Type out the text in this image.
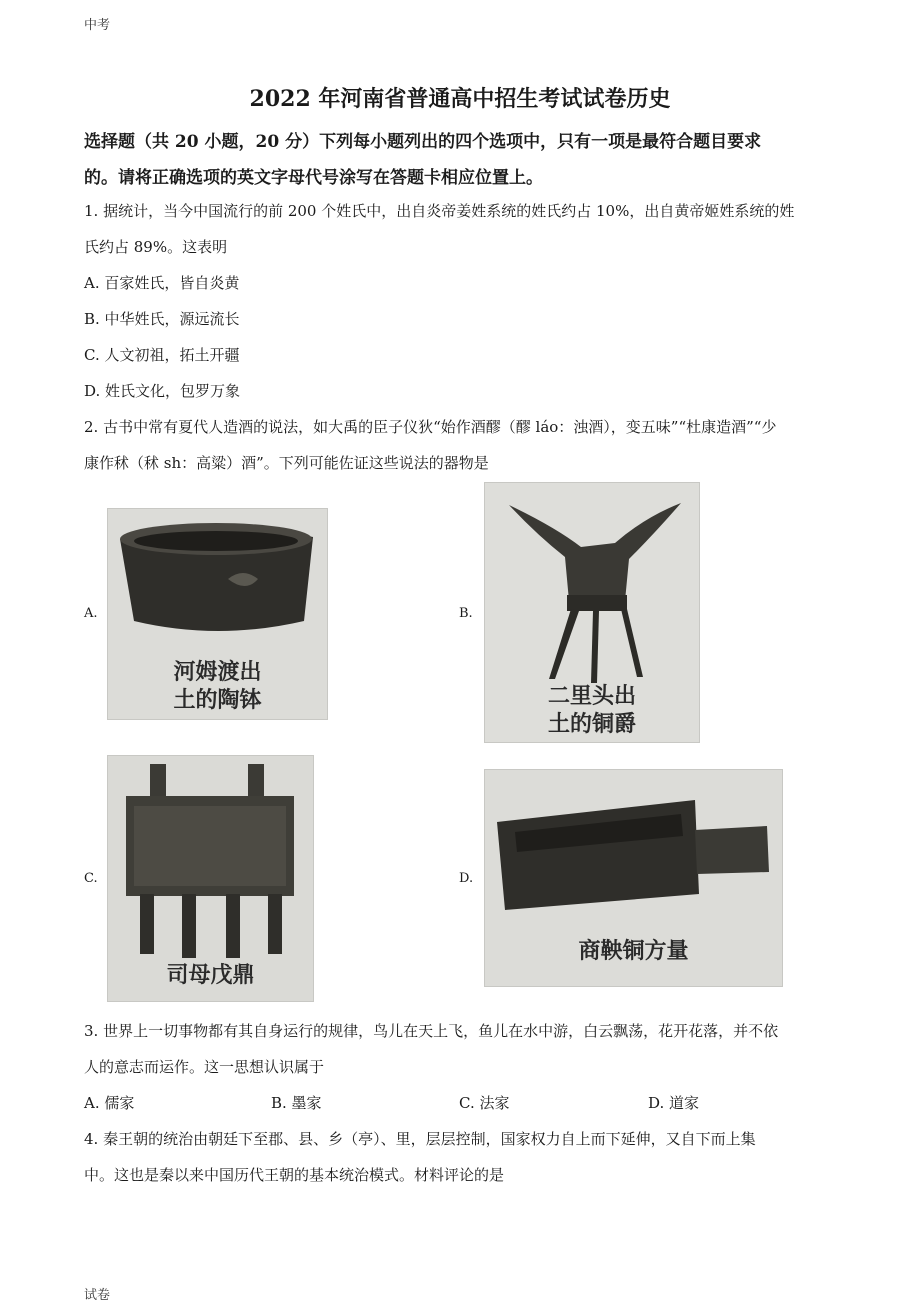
中考
2022 年河南省普通高中招生考试试卷历史
选择题（共 20 小题，20 分）下列每小题列出的四个选项中，只有一项是最符合题目要求
的。请将正确选项的英文字母代号涂写在答题卡相应位置上。
1. 据统计，当今中国流行的前 200 个姓氏中，出自炎帝姜姓系统的姓氏约占 10%，出自黄帝姬姓系统的姓
氏约占 89%。这表明
A. 百家姓氏，皆自炎黄
B. 中华姓氏，源远流长
C. 人文初祖，拓土开疆
D. 姓氏文化，包罗万象
2. 古书中常有夏代人造酒的说法，如大禹的臣子仪狄“始作酒醪（醪 láo：浊酒），变五味”“杜康造酒”“少
康作秫（秫 sh：高粱）酒”。下列可能佐证这些说法的器物是
A.
河姆渡出
土的陶钵
B.
二里头出
土的铜爵
C.
司母戊鼎
D.
商鞅铜方量
3. 世界上一切事物都有其自身运行的规律，鸟儿在天上飞，鱼儿在水中游，白云飘荡，花开花落，并不依
人的意志而运作。这一思想认识属于
A. 儒家	B. 墨家	C. 法家	D. 道家
4. 秦王朝的统治由朝廷下至郡、县、乡（亭）、里，层层控制，国家权力自上而下延伸，又自下而上集
中。这也是秦以来中国历代王朝的基本统治模式。材料评论的是
试卷
